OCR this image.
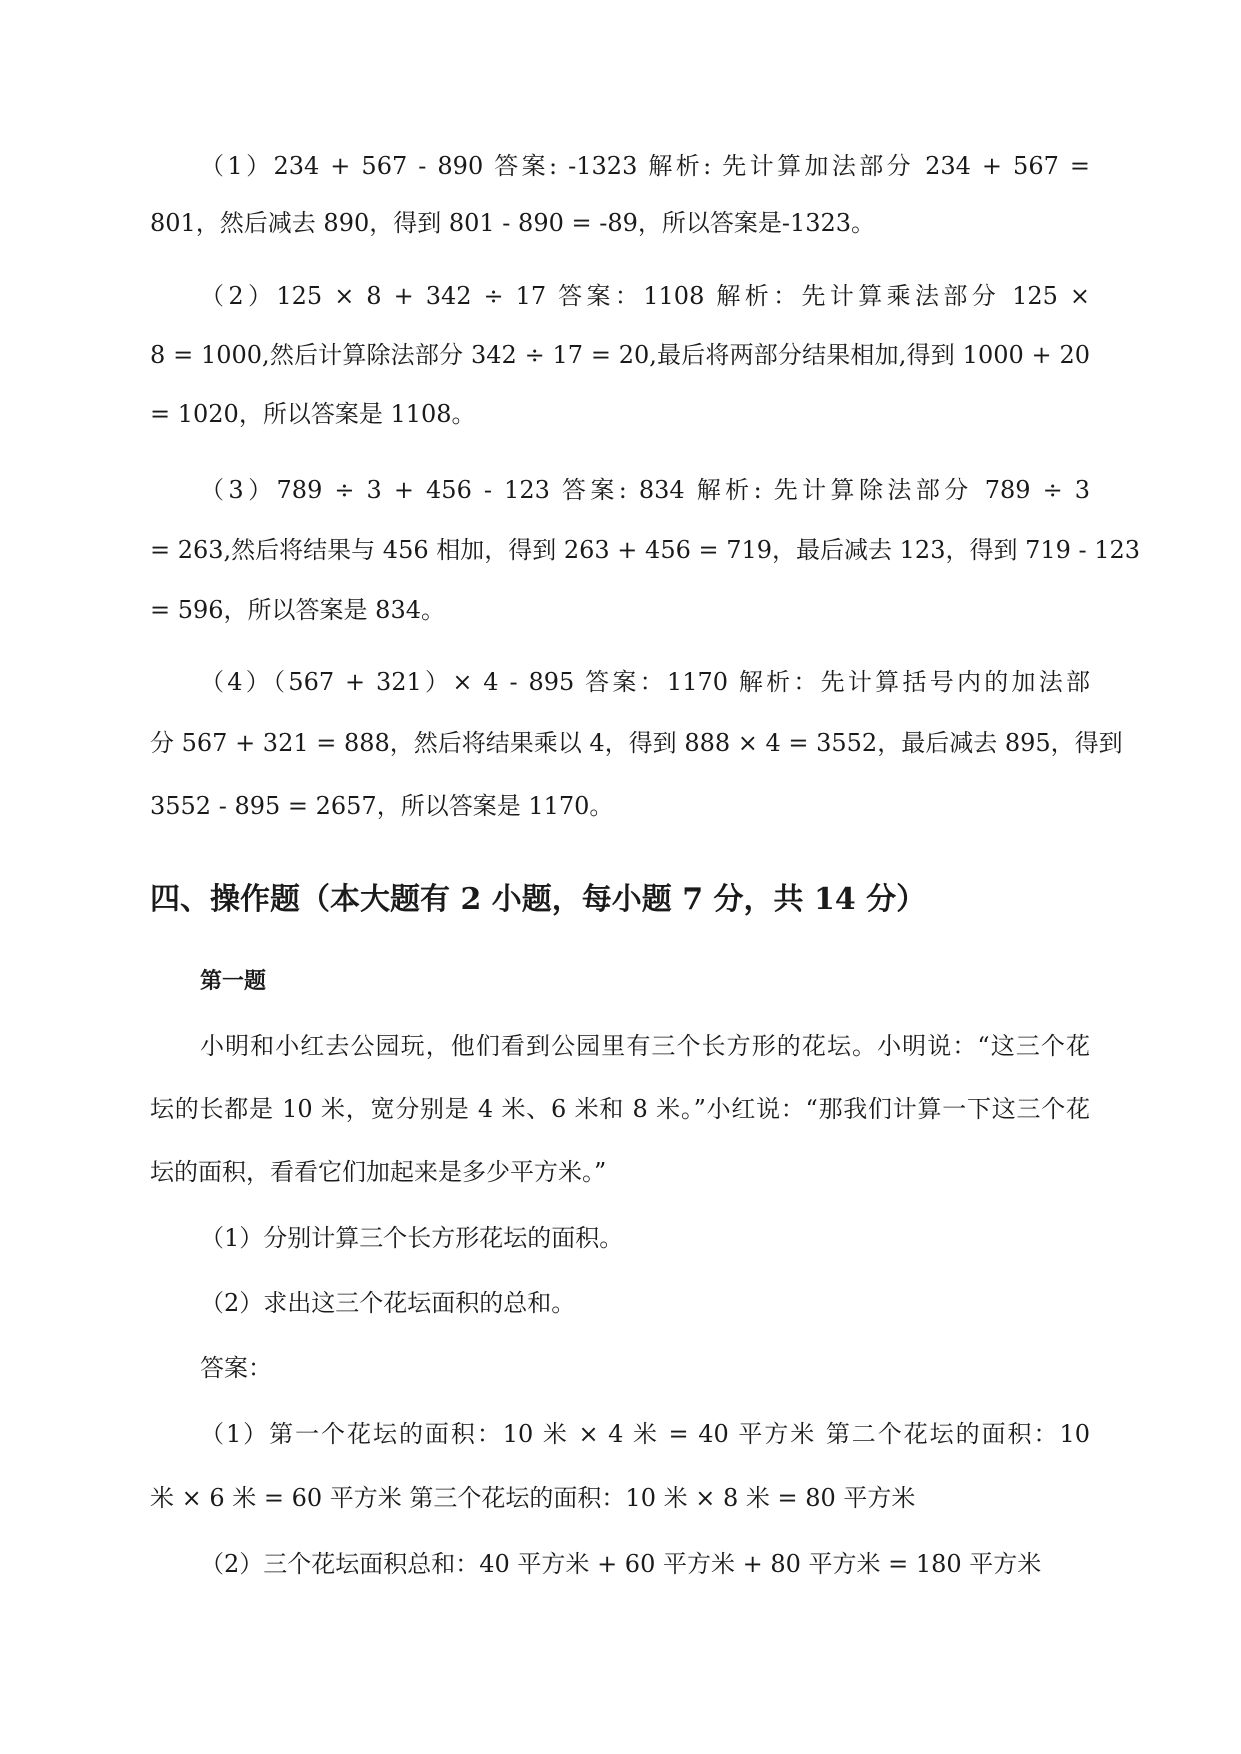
（1）234 + 567 - 890 答案: -1323 解析: 先计算加法部分 234 + 567 =
801，然后减去 890，得到 801 - 890 = -89，所以答案是-1323。
（2）125 × 8 + 342 ÷ 17 答案：1108 解析：先计算乘法部分 125 ×
8 = 1000,然后计算除法部分 342 ÷ 17 = 20,最后将两部分结果相加,得到 1000 + 20
= 1020，所以答案是 1108。
（3）789 ÷ 3 + 456 - 123 答案: 834 解析: 先计算除法部分 789 ÷ 3
= 263,然后将结果与 456 相加，得到 263 + 456 = 719，最后减去 123，得到 719 - 123
= 596，所以答案是 834。
（4）（567 + 321）× 4 - 895 答案：1170 解析：先计算括号内的加法部
分 567 + 321 = 888，然后将结果乘以 4，得到 888 × 4 = 3552，最后减去 895，得到
3552 - 895 = 2657，所以答案是 1170。
四、操作题（本大题有 2 小题，每小题 7 分，共 14 分）
第一题
小明和小红去公园玩，他们看到公园里有三个长方形的花坛。小明说：“这三个花
坛的长都是 10 米，宽分别是 4 米、6 米和 8 米。”小红说：“那我们计算一下这三个花
坛的面积，看看它们加起来是多少平方米。”
（1）分别计算三个长方形花坛的面积。
（2）求出这三个花坛面积的总和。
答案：
（1）第一个花坛的面积：10 米 × 4 米 = 40 平方米 第二个花坛的面积：10
米 × 6 米 = 60 平方米 第三个花坛的面积：10 米 × 8 米 = 80 平方米
（2）三个花坛面积总和：40 平方米 + 60 平方米 + 80 平方米 = 180 平方米
